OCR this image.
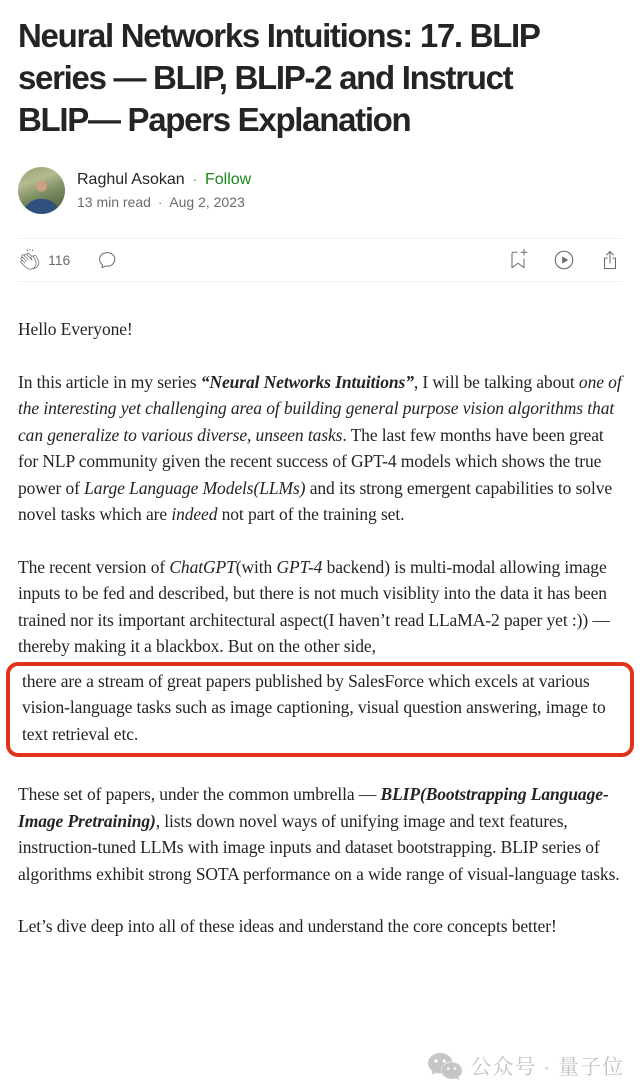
Neural Networks Intuitions: 17. BLIP
series — BLIP, BLIP-2 and Instruct
BLIP— Papers Explanation
Raghul Asokan · Follow
13 min read · Aug 2, 2023
116

Hello Everyone!

In this article in my series “Neural Networks Intuitions”, I will be talking about one of the interesting yet challenging area of building general purpose vision algorithms that can generalize to various diverse, unseen tasks. The last few months have been great for NLP community given the recent success of GPT-4 models which shows the true power of Large Language Models(LLMs) and its strong emergent capabilities to solve novel tasks which are indeed not part of the training set.

The recent version of ChatGPT(with GPT-4 backend) is multi-modal allowing image inputs to be fed and described, but there is not much visiblity into the data it has been trained nor its important architectural aspect(I haven’t read LLaMA-2 paper yet :)) — thereby making it a blackbox. But on the other side,

there are a stream of great papers published by SalesForce which excels at various vision-language tasks such as image captioning, visual question answering, image to text retrieval etc.

These set of papers, under the common umbrella — BLIP(Bootstrapping Language-Image Pretraining), lists down novel ways of unifying image and text features, instruction-tuned LLMs with image inputs and dataset bootstrapping. BLIP series of algorithms exhibit strong SOTA performance on a wide range of visual-language tasks.

Let’s dive deep into all of these ideas and understand the core concepts better!

公众号 · 量子位
